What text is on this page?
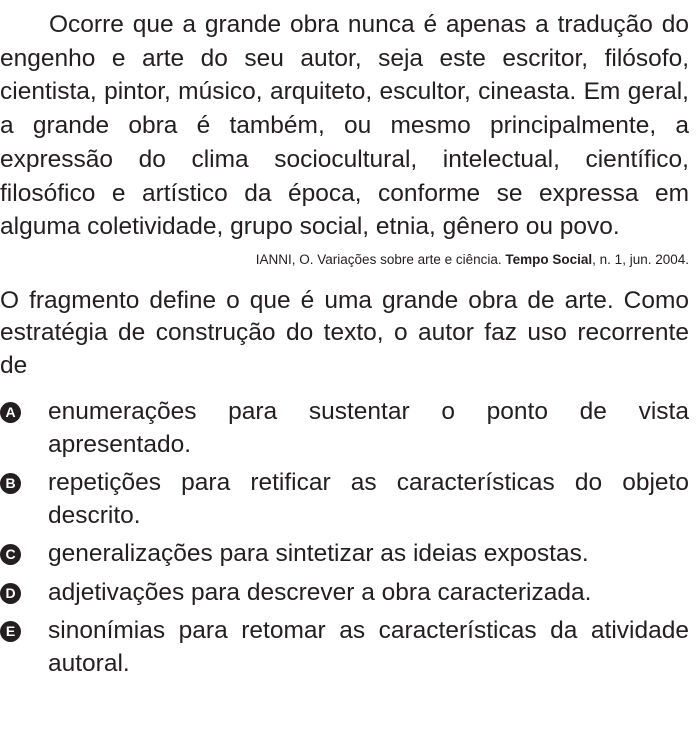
Ocorre que a grande obra nunca é apenas a tradução do engenho e arte do seu autor, seja este escritor, filósofo, cientista, pintor, músico, arquiteto, escultor, cineasta. Em geral, a grande obra é também, ou mesmo principalmente, a expressão do clima sociocultural, intelectual, científico, filosófico e artístico da época, conforme se expressa em alguma coletividade, grupo social, etnia, gênero ou povo.

IANNI, O. Variações sobre arte e ciência. Tempo Social, n. 1, jun. 2004.

O fragmento define o que é uma grande obra de arte. Como estratégia de construção do texto, o autor faz uso recorrente de

A enumerações para sustentar o ponto de vista apresentado.
B repetições para retificar as características do objeto descrito.
C generalizações para sintetizar as ideias expostas.
D adjetivações para descrever a obra caracterizada.
E sinonímias para retomar as características da atividade autoral.
